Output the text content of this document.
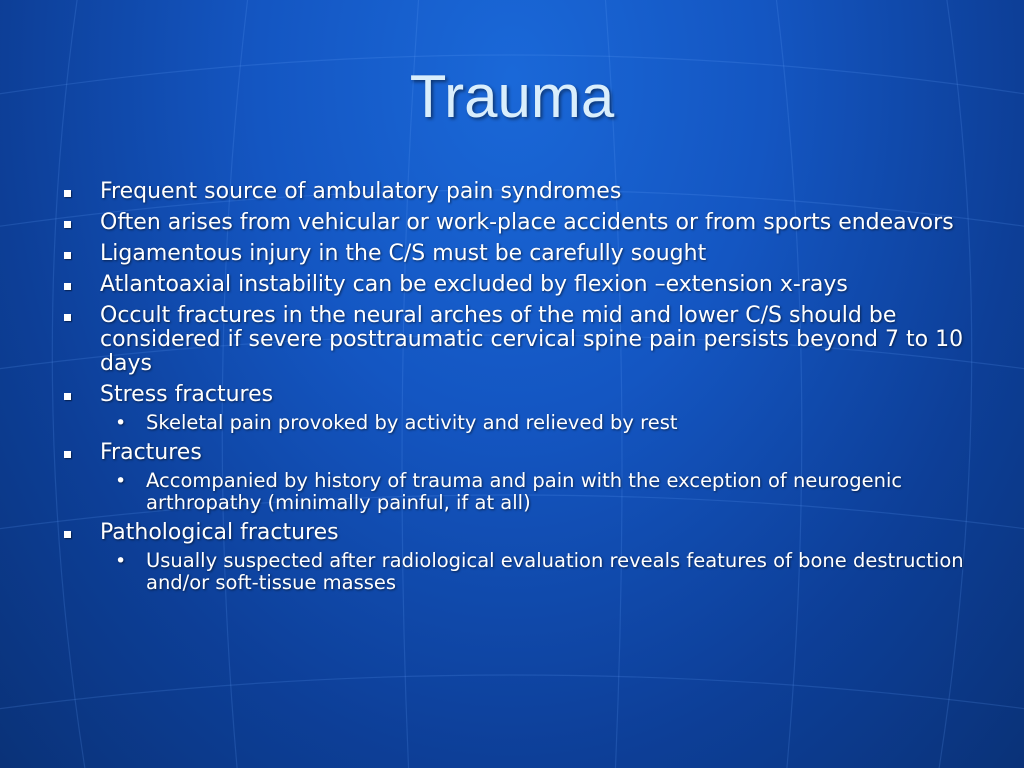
Trauma
Frequent source of ambulatory pain syndromes
Often arises from vehicular or work-place accidents or from sports endeavors
Ligamentous injury in the C/S must be carefully sought
Atlantoaxial instability can be excluded by flexion –extension x-rays
Occult fractures in the neural arches of the mid and lower C/S should be considered if severe posttraumatic cervical spine pain persists beyond 7 to 10 days
Stress fractures
• Skeletal pain provoked by activity and relieved by rest
Fractures
• Accompanied by history of trauma and pain with the exception of neurogenic arthropathy (minimally painful, if at all)
Pathological fractures
• Usually suspected after radiological evaluation reveals features of bone destruction and/or soft-tissue masses
